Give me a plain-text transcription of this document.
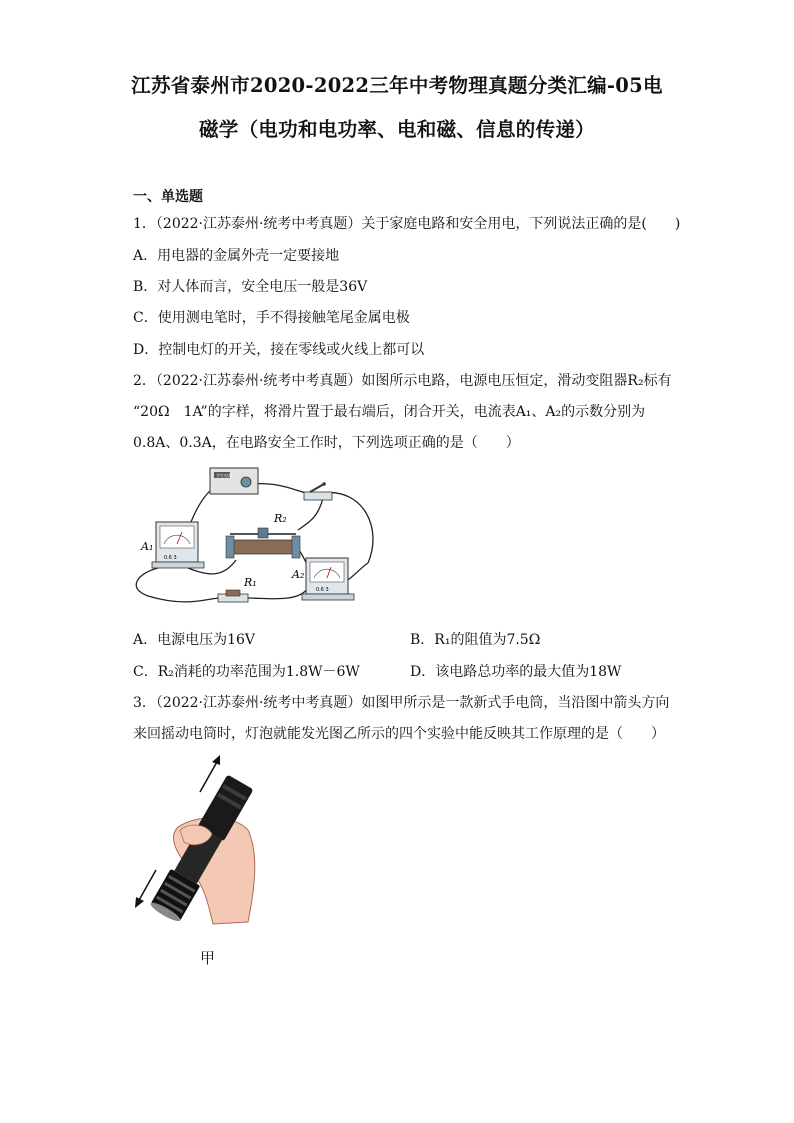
江苏省泰州市2020-2022三年中考物理真题分类汇编-05电
磁学（电功和电功率、电和磁、信息的传递）
一、单选题
1．（2022·江苏泰州·统考中考真题）关于家庭电路和安全用电，下列说法正确的是(　　)
A．用电器的金属外壳一定要接地
B．对人体而言，安全电压一般是36V
C．使用测电笔时，手不得接触笔尾金属电极
D．控制电灯的开关，接在零线或火线上都可以
2．（2022·江苏泰州·统考中考真题）如图所示电路，电源电压恒定，滑动变阻器R₂标有
“20Ω　1A”的字样，将滑片置于最右端后，闭合开关，电流表A₁、A₂的示数分别为
0.8A、0.3A，在电路安全工作时，下列选项正确的是（　　）
学生电源
0.6 3
A₁
R₂
0.6 3
A₂
R₁
A．电源电压为16V	B．R₁的阻值为7.5Ω
C．R₂消耗的功率范围为1.8W－6W	D．该电路总功率的最大值为18W
3．（2022·江苏泰州·统考中考真题）如图甲所示是一款新式手电筒，当沿图中箭头方向
来回摇动电筒时，灯泡就能发光图乙所示的四个实验中能反映其工作原理的是（　　）
甲
